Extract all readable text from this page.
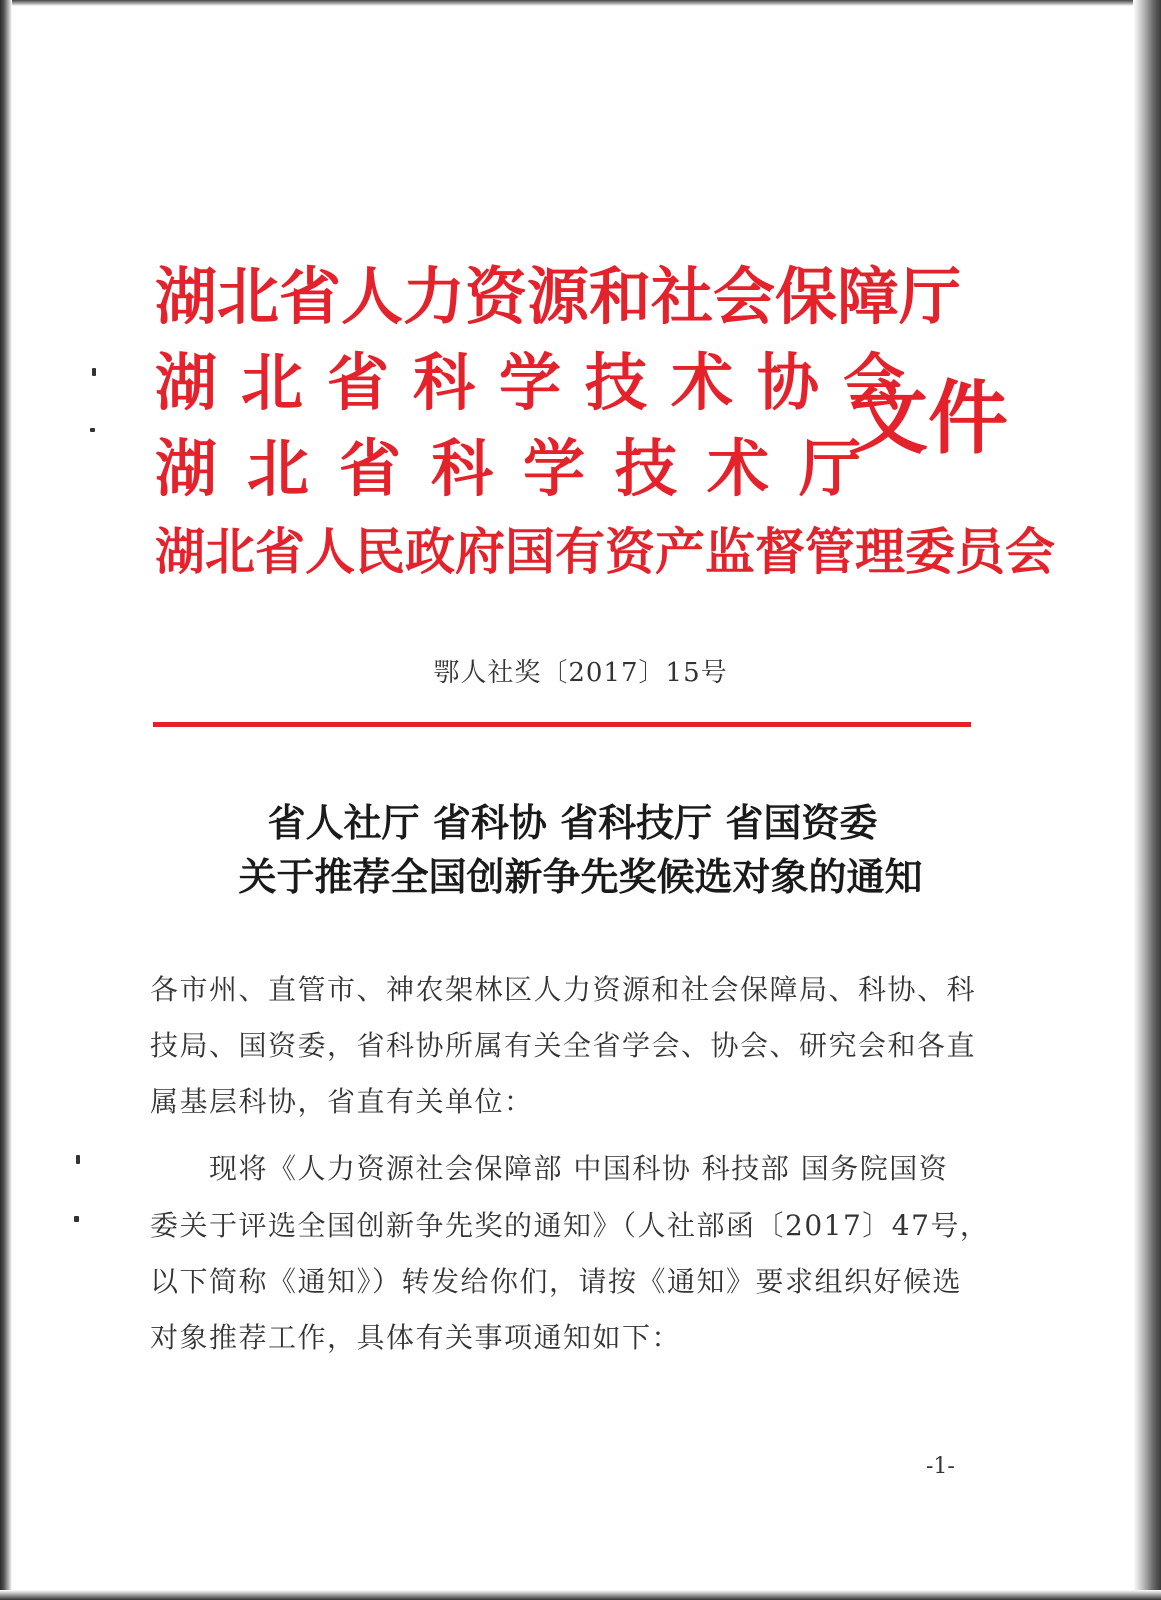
湖北省人力资源和社会保障厅
湖北省科学技术协会
湖北省科学技术厅
湖北省人民政府国有资产监督管理委员会
文件
鄂人社奖〔2017〕15号
省人社厅 省科协 省科技厅 省国资委
关于推荐全国创新争先奖候选对象的通知
各市州、直管市、神农架林区人力资源和社会保障局、科协、科
技局、国资委，省科协所属有关全省学会、协会、研究会和各直
属基层科协，省直有关单位：
　　现将《人力资源社会保障部 中国科协 科技部 国务院国资
委关于评选全国创新争先奖的通知》（人社部函〔2017〕47号，
以下简称《通知》）转发给你们，请按《通知》要求组织好候选
对象推荐工作，具体有关事项通知如下：
-1-
